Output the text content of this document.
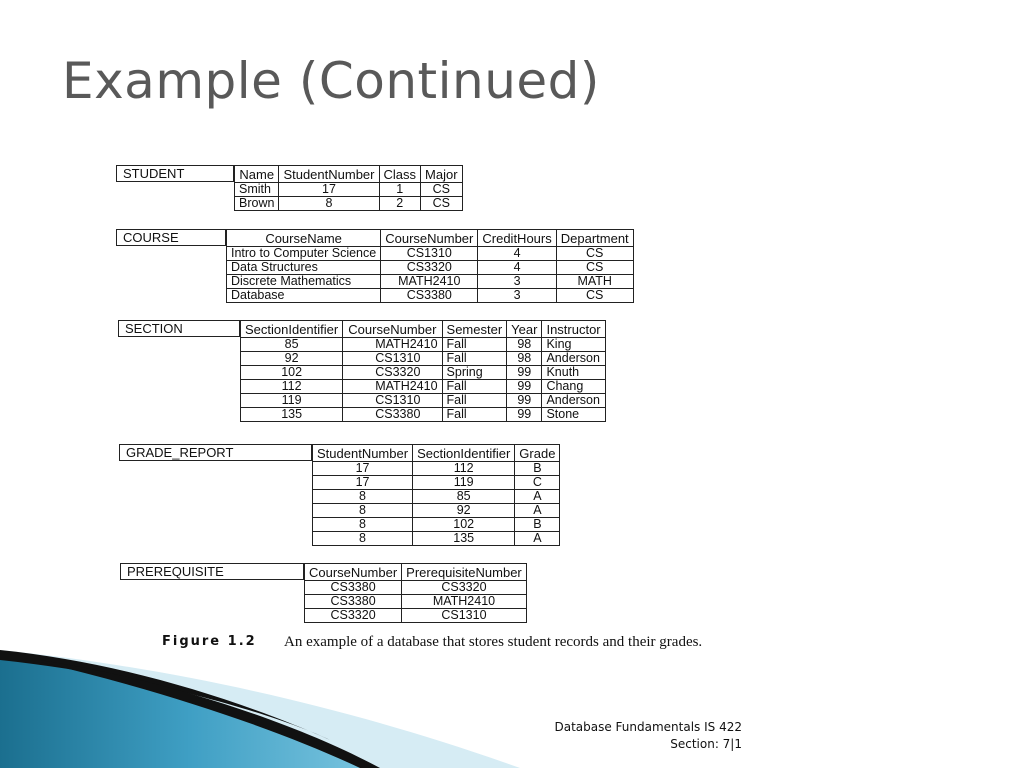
Example (Continued)
STUDENT	Name	StudentNumber	Class	Major
Smith	17	1	CS
Brown	8	2	CS
COURSE	CourseName	CourseNumber	CreditHours	Department
Intro to Computer Science	CS1310	4	CS
Data Structures	CS3320	4	CS
Discrete Mathematics	MATH2410	3	MATH
Database	CS3380	3	CS
SECTION	SectionIdentifier	CourseNumber	Semester	Year	Instructor
85	MATH2410	Fall	98	King
92	CS1310	Fall	98	Anderson
102	CS3320	Spring	99	Knuth
112	MATH2410	Fall	99	Chang
119	CS1310	Fall	99	Anderson
135	CS3380	Fall	99	Stone
GRADE_REPORT	StudentNumber	SectionIdentifier	Grade
17	112	B
17	119	C
8	85	A
8	92	A
8	102	B
8	135	A
PREREQUISITE	CourseNumber	PrerequisiteNumber
CS3380	CS3320
CS3380	MATH2410
CS3320	CS1310
Figure 1.2 An example of a database that stores student records and their grades.
Database Fundamentals IS 422
Section: 7|1
